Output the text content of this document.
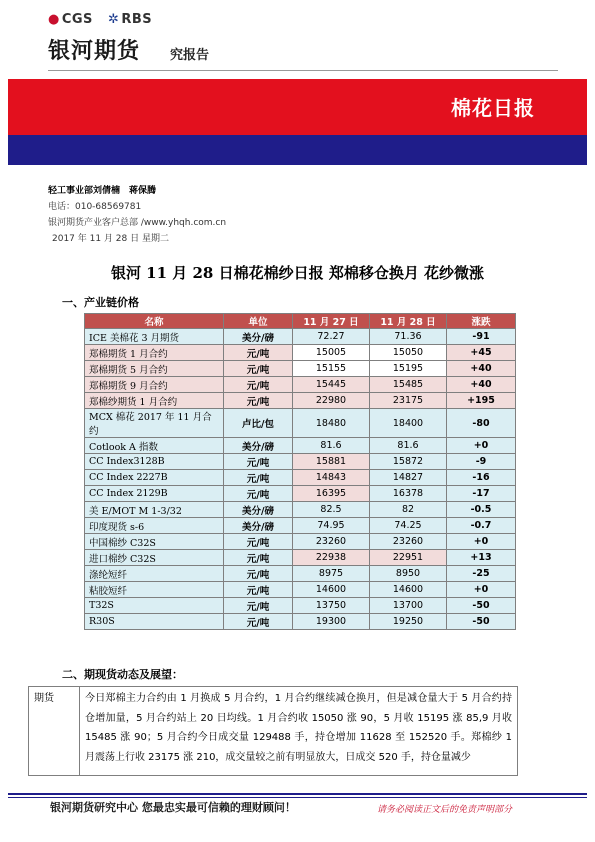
● CGS ✲ RBS
银河期货 究报告
棉花日报
轻工事业部刘倩楠　蒋保腾
电话：010-68569781
银河期货产业客户总部 /www.yhqh.com.cn
2017 年 11 月 28 日 星期二
银河 11 月 28 日棉花棉纱日报 郑棉移仓换月 花纱微涨
一、产业链价格
名称	单位	11 月 27 日	11 月 28 日	涨跌
ICE 美棉花 3 月期货	美分/磅	72.27	71.36	-91
郑棉期货 1 月合约	元/吨	15005	15050	+45
郑棉期货 5 月合约	元/吨	15155	15195	+40
郑棉期货 9 月合约	元/吨	15445	15485	+40
郑棉纱期货 1 月合约	元/吨	22980	23175	+195
MCX 棉花 2017 年 11 月合约	卢比/包	18480	18400	-80
Cotlook A 指数	美分/磅	81.6	81.6	+0
CC Index3128B	元/吨	15881	15872	-9
CC Index 2227B	元/吨	14843	14827	-16
CC Index 2129B	元/吨	16395	16378	-17
美 E/MOT M 1-3/32	美分/磅	82.5	82	-0.5
印度现货 s-6	美分/磅	74.95	74.25	-0.7
中国棉纱 C32S	元/吨	23260	23260	+0
进口棉纱 C32S	元/吨	22938	22951	+13
涤纶短纤	元/吨	8975	8950	-25
粘胶短纤	元/吨	14600	14600	+0
T32S	元/吨	13750	13700	-50
R30S	元/吨	19300	19250	-50
二、期现货动态及展望：
期货	今日郑棉主力合约由 1 月换成 5 月合约，1 月合约继续减仓换月，但是减仓量大于 5 月合约持仓增加量，5 月合约站上 20 日均线。1 月合约收 15050 涨 90，5 月收 15195 涨 85,9 月收 15485 涨 90；5 月合约今日成交量 129488 手，持仓增加 11628 至 152520 手。郑棉纱 1 月震荡上行收 23175 涨 210，成交量较之前有明显放大，日成交 520 手，持仓量减少
银河期货研究中心 您最忠实最可信赖的理财顾问！	请务必阅读正文后的免责声明部分
